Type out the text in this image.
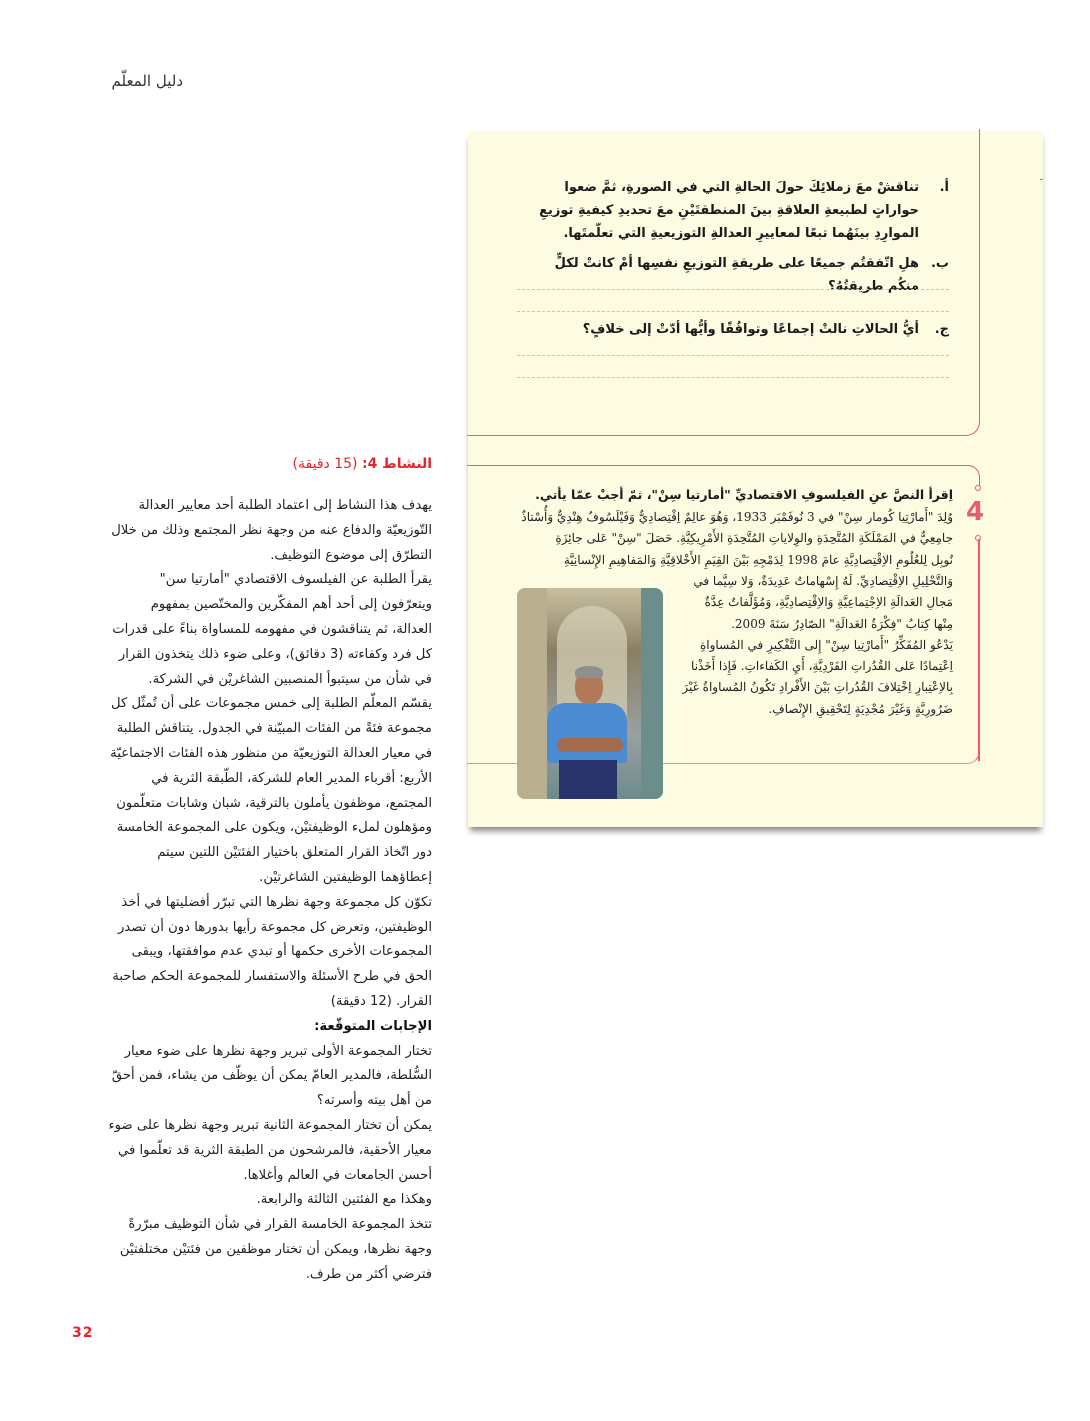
دليل المعلّم
أ.
تناقشْ معَ زملائِكَ حولَ الحالةِ التي في الصورةِ، ثمَّ ضعوا حواراتٍ لطبيعةِ العلاقةِ بينَ المنطقتَيْنِ معَ تحديدِ كيفيةِ توزيعِ الموارِدِ بينَهُما تبعًا لمعاييرِ العدالةِ التوزيعيةِ التي تعلّمتَها.
ب.
هلِ اتّفقتُم جميعًا على طريقةِ التوزيعِ نفسِها أمْ كانتْ لكلٍّ منكُم طريقتُهُ؟
ج.
أيُّ الحالاتِ نالتْ إجماعًا وتوافُقًا وأيُّها أدّتْ إلى خلافٍ؟
4
اِقرأ النصَّ عنِ الفيلسوفِ الاقتصاديِّ "أمارتيا سِنْ"، ثمّ أجبْ عمّا يأتي.
وُلِدَ "أَمارْتِيا كُومار سِنْ" في 3 نُوفَمْبَر 1933، وَهُوَ عالِمٌ اِقْتِصادِيٌّ وَفَيْلَسُوفٌ هِنْدِيٌّ وَأُسْتاذٌ
جامِعِيٌّ في المَمْلَكَةِ المُتَّحِدَةِ والوِلاياتِ المُتَّحِدَةِ الأَمْرِيكِيَّةِ. حَصَلَ "سِنْ" عَلى جائِزَةِ
نُوبِل لِلعُلُومِ الاِقْتِصادِيَّةِ عامَ 1998 لِدَمْجِهِ بَيْنَ القِيَمِ الأَخْلاقِيَّةِ وَالمَفاهِيمِ الإِنْسانِيَّةِ
وَالتَّحْلِيلِ الاِقْتِصادِيِّ. لَهُ إِسْهاماتٌ عَدِيدَةٌ، وَلا سِيَّما في
مَجالِ العَدالَةِ الاِجْتِماعِيَّةِ وَالاِقْتِصادِيَّةِ، وَمُؤَلَّفاتٌ عِدَّةٌ
مِنْها كِتابُ "فِكْرَةُ العَدالَةِ" الصّادِرُ سَنَةَ 2009.
يَدْعُو المُفَكِّرُ "أَمارْتِيا سِنْ" إِلى التَّفْكِيرِ في المُساواةِ
اِعْتِمادًا عَلى القُدُراتِ الفَرْدِيَّةِ، أَيِ الكَفاءاتِ. فَإِذا أَخَذْنا
بِالاِعْتِبارِ اِخْتِلافَ القُدُراتِ بَيْنَ الأَفْرادِ تَكُونُ المُساواةُ غَيْرَ
ضَرُورِيَّةٍ وَغَيْرَ مُجْدِيَةٍ لِتَحْقِيقِ الإِنْصافِ.
النشاط 4: (15 دقيقة)

يهدف هذا النشاط إلى اعتماد الطلبة أحد معايير العدالة التّوزيعيّة والدفاع عنه من وجهة نظر المجتمع وذلك من خلال التطرّق إلى موضوع التوظيف.

يقرأ الطلبة عن الفيلسوف الاقتصادي "أمارتيا سن" ويتعرّفون إلى أحد أهم المفكّرين والمختّصين بمفهوم العدالة، ثم يتناقشون في مفهومه للمساواة بناءً على قدرات كل فرد وكفاءته (3 دقائق)، وعلى ضوء ذلك يتخذون القرار في شأن من سيتبوأ المنصبين الشاغريْن في الشركة.

يقسّم المعلّم الطلبة إلى خمس مجموعات على أن تُمثّل كل مجموعة فئةً من الفئات المبيّنة في الجدول. يتناقش الطلبة في معيار العدالة التوزيعيّة من منظور هذه الفئات الاجتماعيّة الأربع: أقرباء المدير العام للشركة، الطّبقة الثرية في المجتمع، موظفون يأملون بالترقية، شبان وشابات متعلّمون ومؤهلون لملء الوظيفتيْن، ويكون على المجموعة الخامسة دور اتّخاذ القرار المتعلق باختيار الفئتيْن اللتين سيتم إعطاؤهما الوظيفتين الشاغرتيْن.

تكوّن كل مجموعة وجهة نظرها التي تبرّر أفضليتها في أخذ الوظيفتين، وتعرض كل مجموعة رأيها بدورها دون أن تصدر المجموعات الأخرى حكمها أو تبدي عدم موافقتها، ويبقى الحق في طرح الأسئلة والاستفسار للمجموعة الحكم صاحبة القرار. (12 دقيقة)

الإجابات المتوقّعة:

تختار المجموعة الأولى تبرير وجهة نظرها على ضوء معيار السُّلطة، فالمدير العامّ يمكن أن يوظّف من يشاء، فمن أحقّ من أهل بيته وأسرته؟

يمكن أن تختار المجموعة الثانية تبرير وجهة نظرها على ضوء معيار الأحقية، فالمرشحون من الطبقة الثرية قد تعلّموا في أحسن الجامعات في العالم وأغلاها.

وهكذا مع الفئتين الثالثة والرابعة.

تتخذ المجموعة الخامسة القرار في شأن التوظيف مبرّرةً وجهة نظرها، ويمكن أن تختار موظفين من فئتيْن مختلفتيْن فترضي أكثر من طرف.

32
